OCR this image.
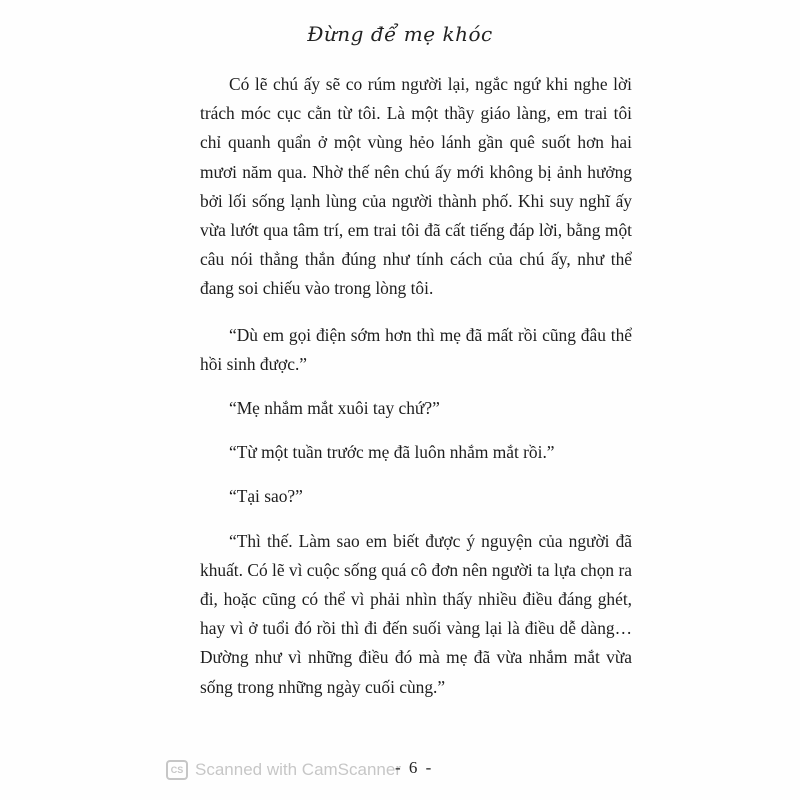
Đừng để mẹ khóc

Có lẽ chú ấy sẽ co rúm người lại, ngắc ngứ khi nghe lời trách móc cục cằn từ tôi. Là một thầy giáo làng, em trai tôi chỉ quanh quẩn ở một vùng hẻo lánh gần quê suốt hơn hai mươi năm qua. Nhờ thế nên chú ấy mới không bị ảnh hưởng bởi lối sống lạnh lùng của người thành phố. Khi suy nghĩ ấy vừa lướt qua tâm trí, em trai tôi đã cất tiếng đáp lời, bằng một câu nói thẳng thắn đúng như tính cách của chú ấy, như thể đang soi chiếu vào trong lòng tôi.

“Dù em gọi điện sớm hơn thì mẹ đã mất rồi cũng đâu thể hồi sinh được.”

“Mẹ nhắm mắt xuôi tay chứ?”

“Từ một tuần trước mẹ đã luôn nhắm mắt rồi.”

“Tại sao?”

“Thì thế. Làm sao em biết được ý nguyện của người đã khuất. Có lẽ vì cuộc sống quá cô đơn nên người ta lựa chọn ra đi, hoặc cũng có thể vì phải nhìn thấy nhiều điều đáng ghét, hay vì ở tuổi đó rồi thì đi đến suối vàng lại là điều dễ dàng… Dường như vì những điều đó mà mẹ đã vừa nhắm mắt vừa sống trong những ngày cuối cùng.”

CS Scanned with CamScanner
- 6 -
